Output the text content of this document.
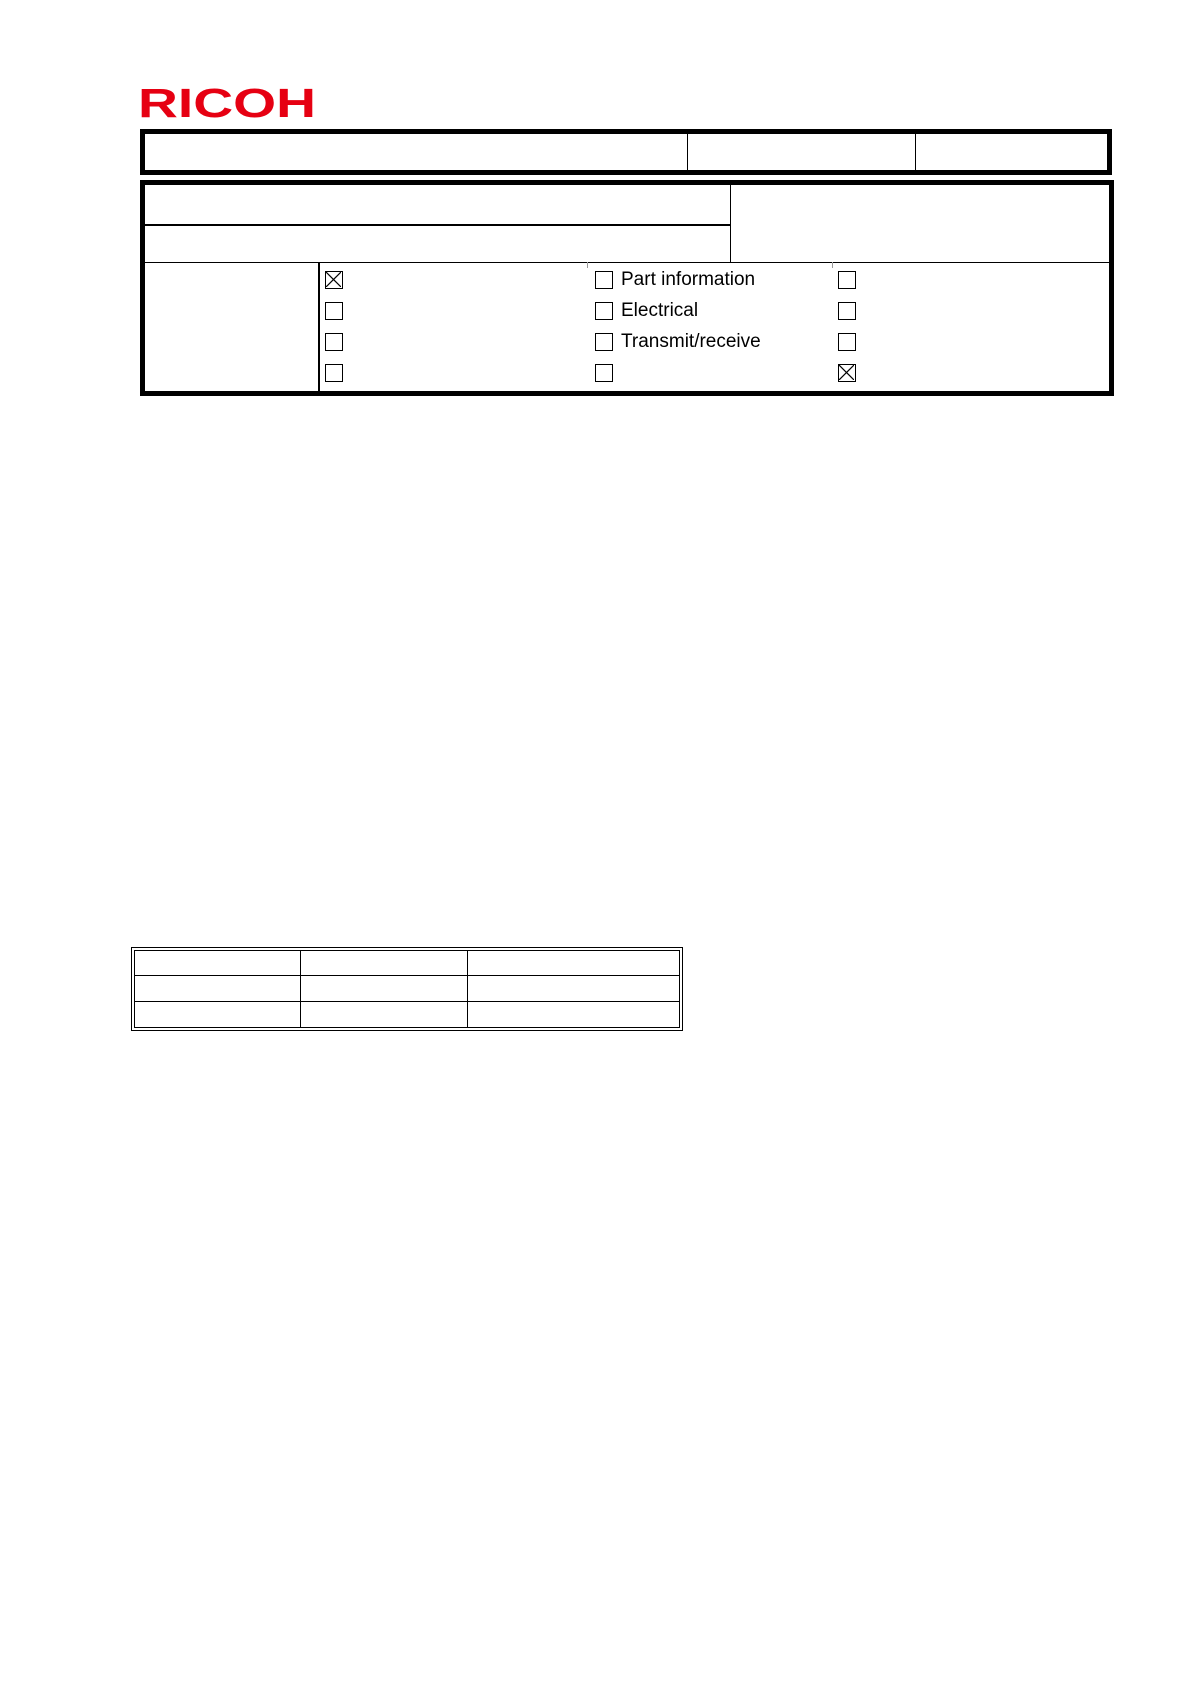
RICOH
Part information
Electrical
Transmit/receive
